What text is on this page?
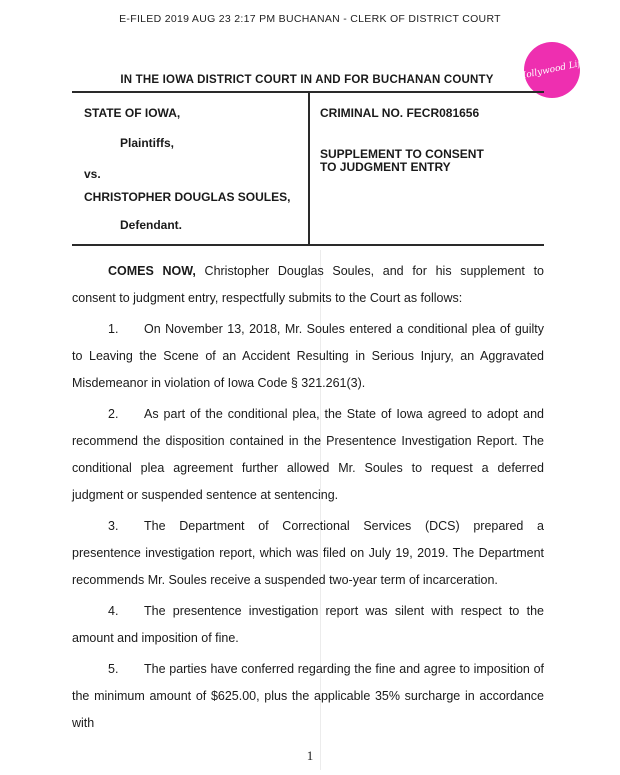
E-FILED 2019 AUG 23 2:17 PM BUCHANAN - CLERK OF DISTRICT COURT
Hollywood Life
IN THE IOWA DISTRICT COURT IN AND FOR BUCHANAN COUNTY
STATE OF IOWA,
Plaintiffs,
vs.
CHRISTOPHER DOUGLAS SOULES,
Defendant.
CRIMINAL NO. FECR081656
SUPPLEMENT TO CONSENT
TO JUDGMENT ENTRY
COMES NOW, Christopher Douglas Soules, and for his supplement to consent to judgment entry, respectfully submits to the Court as follows:
1. On November 13, 2018, Mr. Soules entered a conditional plea of guilty to Leaving the Scene of an Accident Resulting in Serious Injury, an Aggravated Misdemeanor in violation of Iowa Code § 321.261(3).
2. As part of the conditional plea, the State of Iowa agreed to adopt and recommend the disposition contained in the Presentence Investigation Report. The conditional plea agreement further allowed Mr. Soules to request a deferred judgment or suspended sentence at sentencing.
3. The Department of Correctional Services (DCS) prepared a presentence investigation report, which was filed on July 19, 2019. The Department recommends Mr. Soules receive a suspended two-year term of incarceration.
4. The presentence investigation report was silent with respect to the amount and imposition of fine.
5. The parties have conferred regarding the fine and agree to imposition of the minimum amount of $625.00, plus the applicable 35% surcharge in accordance with
1
